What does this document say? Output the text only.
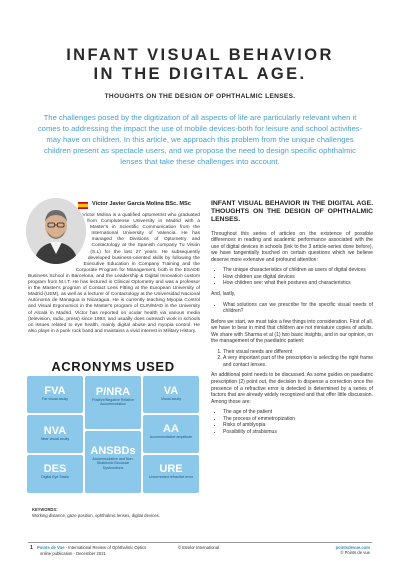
INFANT VISUAL BEHAVIOR
IN THE DIGITAL AGE.
THOUGHTS ON THE DESIGN OF OPHTHALMIC LENSES.

The challenges posed by the digitization of all aspects of life are particularly relevant when it comes to addressing the impact the use of mobile devices-both for leisure and school activities- may have on children. In this article, we approach this problem from the unique challenges children present as spectacle users, and we propose the need to design specific ophthalmic lenses that take these challenges into account.

Víctor Javier García Molina BSc. MSc

Víctor Molina is a qualified optometrist who graduated from Complutense University in Madrid with a Master's in Scientific Communication from the International University of Valencia. He has managed the Divisions of Optometry and Contactology at the Spanish company Tu Visión (S.L) for the last 27 years. He subsequently developed business-oriented skills by following the Executive Education in Company Training and the Corporate Program for Management, both in the ESADE Business School in Barcelona, and the Leadership & Digital Innovation custom program from M.I.T. He has lectured in Clinical Optometry and was a professor in the Master's program of Contact Lens Fitting at the European University of Madrid (UEM), as well as a lecturer of Contactology at the Universidad Nacional Autónoma de Managua in Nicaragua. He is currently teaching Myopia Control and Visual Ergonomics in the Master's program of CLIN/MAD in the University of Alcalá in Madrid. Víctor has reported on ocular health via various media (television, radio, press) since 1993, and usually does outreach work in schools on issues related to eye health, mainly digital abuse and myopia control. He also plays in a punk rock band and maintains a vivid interest in Military History.

ACRONYMS USED
FVA
Far visual acuity
P/NRA
Positive/Negative Relative Accommodation
VA
Visual acuity
NVA
Near visual acuity
AA
Accommodative amplitude
ANSBDs
Accommodative and Non-Strabismic Binocular Dysfunctions
DES
Digital Eye Strain
URE
Uncorrected refractive error
KEYWORDS:
Working distance, gaze position, ophthalmic lenses, digital devices.
INFANT VISUAL BEHAVIOR IN THE DIGITAL AGE. THOUGHTS ON THE DESIGN OF OPHTHALMIC LENSES.

Throughout this series of articles on the existence of possible differences in reading and academic performance associated with the use of digital devices in schools (link to the 3 article-series done before), we have tangentially touched on certain questions which we believe deserve more extensive and profound attention:

• The unique characteristics of children as users of digital devices
• How children use digital devices
• How children see: what their postures and characteristics

And, lastly,

• What solutions can we prescribe for the specific visual needs of children?

Before we start, we must take a few things into consideration. First of all, we have to bear in mind that children are not miniature copies of adults. We share with Sharma et al (1) two basic insights, and in our opinion, on the management of the paediatric patient:

1. Their visual needs are different
2. A very important part of the prescription is selecting the right frame and contact lenses.

An additional point needs to be discussed. As some guides on paediatric prescription (2) point out, the decision to dispense a correction once the presence of a refractive error is detected is determined by a series of factors that are already widely recognized and that offer little discussion. Among those are:

• The age of the patient
• The process of emmetropization
• Risks of amblyopia
• Possibility of strabismus
1 Points de Vue - International Review of Ophthalmic Optics
online publication - December 2021
© Essilor International	pointsdevue.com
© Points de vue
